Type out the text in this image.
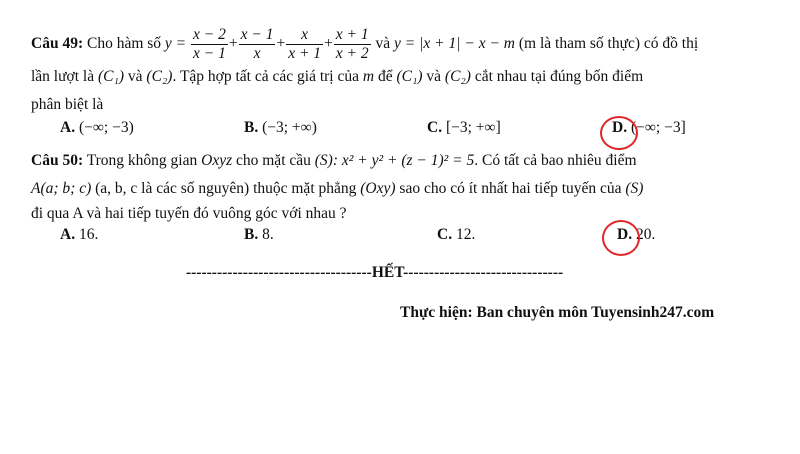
Câu 49: Cho hàm số $y = \frac{x - 2}{x - 1} + \frac{x - 1}{x} + \frac{x}{x + 1} + \frac{x + 1}{x + 2}$ và y = |x + 1| − x − m (m là tham số thực) có đồ thị
lần lượt là (C₁) và (C₂). Tập hợp tất cả các giá trị của m để (C₁) và (C₂) cắt nhau tại đúng bốn điểm
phân biệt là
A. (−∞; −3)	B. (−3; +∞)	C. [−3; +∞]	D. (−∞; −3]
Câu 50: Trong không gian Oxyz cho mặt cầu (S): x² + y² + (z − 1)² = 5. Có tất cả bao nhiêu điểm
A(a; b; c) (a, b, c là các số nguyên) thuộc mặt phẳng (Oxy) sao cho có ít nhất hai tiếp tuyến của (S)
đi qua A và hai tiếp tuyến đó vuông góc với nhau ?
A. 16.	B. 8.	C. 12.	D. 20.
------------------------------------HẾT-------------------------------
Thực hiện: Ban chuyên môn Tuyensinh247.com
